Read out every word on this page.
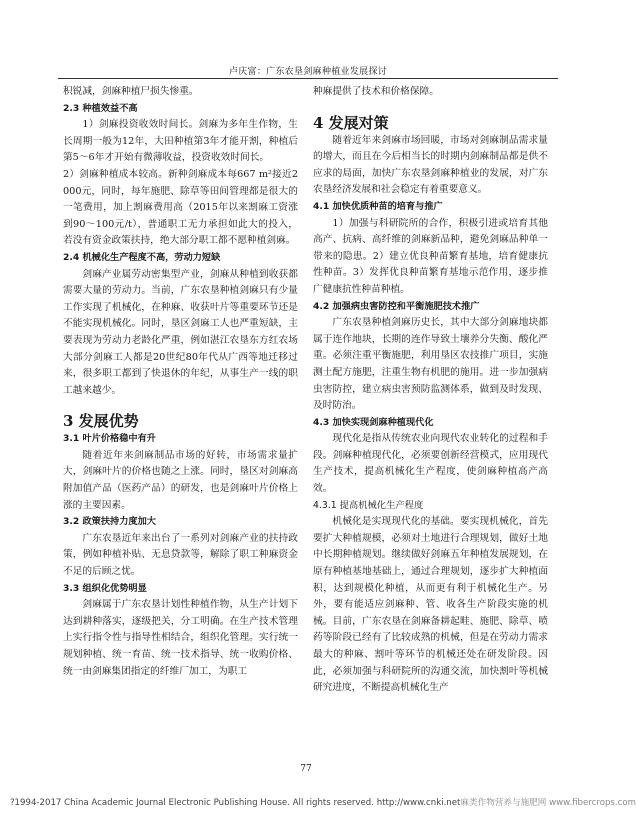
卢庆富：广东农垦剑麻种植业发展探讨

积锐减，剑麻种植尸损失惨重。

2.3 种植效益不高

1）剑麻投资收效时间长。剑麻为多年生作物，生长周期一般为12年，大田种植第3年才能开割，种植后第5～6年才开始有微薄收益，投资收效时间长。

2）剑麻种植成本较高。新种剑麻成本每667 m²接近2 000元，同时，每年施肥、除草等田间管理都是很大的一笔费用，加上割麻费用高（2015年以来割麻工资涨到90～100元/t），普通职工无力承担如此大的投入，若没有资金政策扶持，绝大部分职工都不愿种植剑麻。

2.4 机械化生产程度不高，劳动力短缺

剑麻产业属劳动密集型产业，剑麻从种植到收获都需要大量的劳动力。当前，广东农垦种植剑麻只有少量工作实现了机械化，在种麻、收获叶片等重要环节还是不能实现机械化。同时，垦区剑麻工人也严重短缺，主要表现为劳动力老龄化严重，例如湛江农垦东方红农场大部分剑麻工人都是20世纪80年代从广西等地迁移过来，很多职工都到了快退休的年纪，从事生产一线的职工越来越少。

3 发展优势
3.1 叶片价格稳中有升

随着近年来剑麻制品市场的好转，市场需求量扩大，剑麻叶片的价格也随之上涨。同时，垦区对剑麻高附加值产品（医药产品）的研发，也是剑麻叶片价格上涨的主要因素。

3.2 政策扶持力度加大

广东农垦近年来出台了一系列对剑麻产业的扶持政策，例如种植补贴、无息贷款等，解除了职工种麻资金不足的后顾之忧。

3.3 组织化优势明显

剑麻属于广东农垦计划性种植作物，从生产计划下达到耕种落实，逐级把关，分工明确。在生产技术管理上实行指令性与指导性相结合，组织化管理。实行统一规划种植、统一育苗、统一技术指导、统一收购价格、统一由剑麻集团指定的纤维厂加工，为职工

种麻提供了技术和价格保障。

4 发展对策

随着近年来剑麻市场回暖，市场对剑麻制品需求量的增大，而且在今后相当长的时期内剑麻制品都是供不应求的局面，加快广东农垦剑麻种植业的发展，对广东农垦经济发展和社会稳定有着重要意义。

4.1 加快优质种苗的培育与推广

1）加强与科研院所的合作，积极引进或培育其他高产、抗病、高纤维的剑麻新品种，避免剑麻品种单一带来的隐患。2）建立优良种苗繁育基地，培育健康抗性种苗。3）发挥优良种苗繁育基地示范作用，逐步推广健康抗性种苗种植。

4.2 加强病虫害防控和平衡施肥技术推广

广东农垦种植剑麻历史长，其中大部分剑麻地块都属于连作地块，长期的连作导致土壤养分失衡、酸化严重。必须注重平衡施肥，利用垦区农技推广项目，实施测土配方施肥，注重生物有机肥的施用。进一步加强病虫害防控，建立病虫害预防监测体系，做到及时发现、及时防治。

4.3 加快实现剑麻种植现代化

现代化是指从传统农业向现代农业转化的过程和手段。剑麻种植现代化，必须要创新经营模式，应用现代生产技术，提高机械化生产程度，使剑麻种植高产高效。

4.3.1 提高机械化生产程度

机械化是实现现代化的基础。要实现机械化，首先要扩大种植规模，必须对土地进行合理规划，做好土地中长期种植规划。继续做好剑麻五年种植发展规划，在原有种植基地基础上，通过合理规划，逐步扩大种植面积，达到规模化种植，从而更有利于机械化生产。另外，要有能适应剑麻种、管、收各生产阶段实施的机械。目前，广东农垦在剑麻备耕起畦、施肥、除草、喷药等阶段已经有了比较成熟的机械，但是在劳动力需求最大的种麻、割叶等环节的机械还处在研发阶段。因此，必须加强与科研院所的沟通交流，加快割叶等机械研究进度，不断提高机械化生产

77
?1994-2017 China Academic Journal Electronic Publishing House. All rights reserved. http://www.cnki.net麻类作物营养与施肥网 www.fibercrops.com
